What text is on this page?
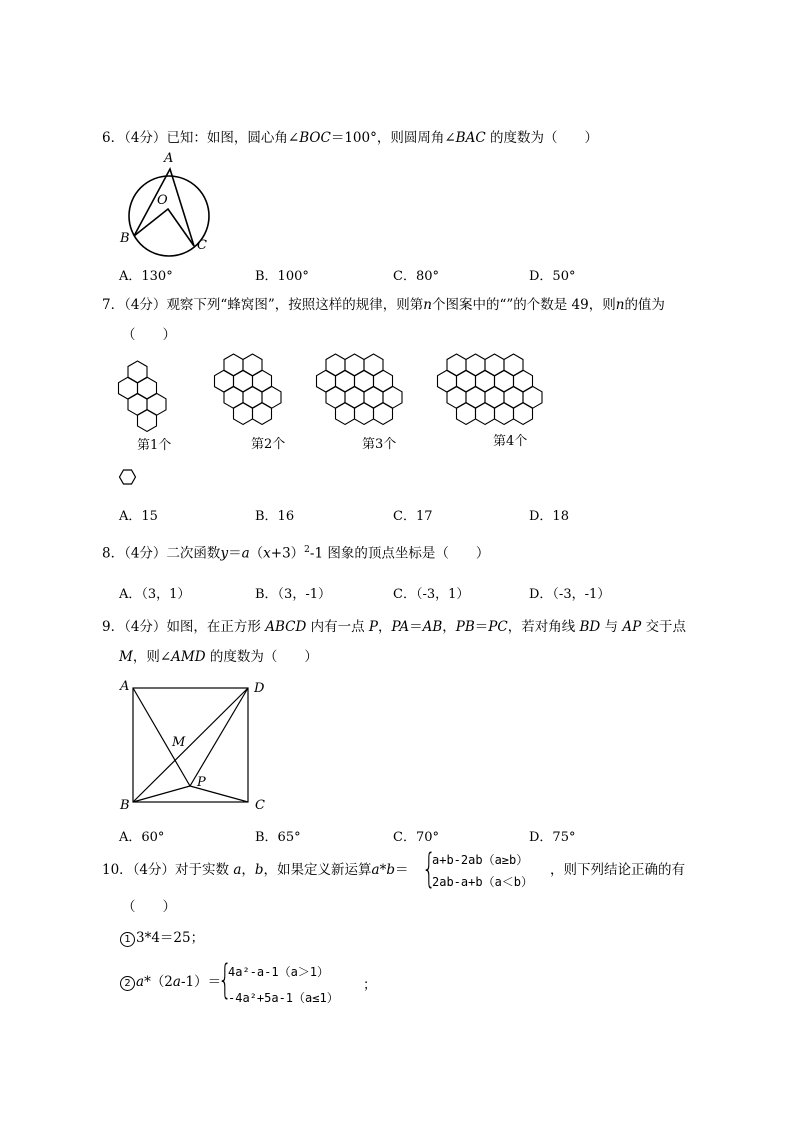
6．（4分）已知：如图，圆心角∠BOC＝100°，则圆周角∠BAC 的度数为（　　）
A
O
B	C
A．130°	B．100°	C．80°	D．50°
7．（4分）观察下列“蜂窝图”，按照这样的规律，则第n个图案中的“”的个数是 49，则n的值为
（　　）
第1个	第2个	第3个	第4个
A．15	B．16	C．17	D．18
8．（4分）二次函数$y=a(x+3)^2-1$ 图象的顶点坐标是（　　）
A．（3，1）	B．（3，-1）	C．（-3，1）	D．（-3，-1）
9．（4分）如图，在正方形 ABCD 内有一点 P，PA＝AB，PB＝PC，若对角线 BD 与 AP 交于点
M，则∠AMD 的度数为（　　）
A	D
M
P
B	C
A．60°	B．65°	C．70°	D．75°
10．（4分）对于实数 a，b，如果定义新运算a*b＝ {
a+b-2ab（a≥b）
2ab-a+b（a＜b）
，则下列结论正确的有
（　　）
1 3*4＝25；
2 a*（2a-1）＝
{
4a²-a-1（a＞1）
-4a²+5a-1（a≤1）
；
